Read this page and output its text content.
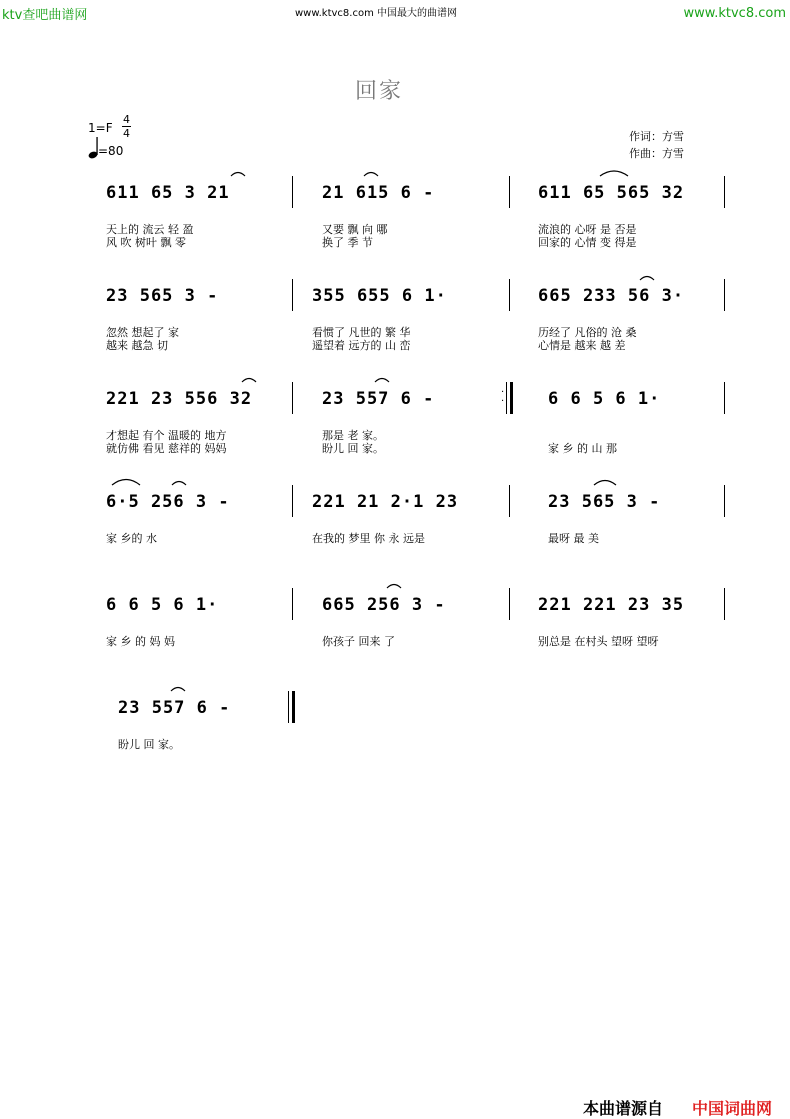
ktv查吧曲谱网	www.ktvc8.com 中国最大的曲谱网	www.ktvc8.com
回家
1=F
4
4
=80
作词：方雪
作曲：方雪
611 65 3 21	21 615 6 -	611 65 565 32
天上的 流云 轻 盈	又要 飘 向 哪	流浪的 心呀 是 否是
风 吹 树叶 飘 零	换了 季 节	回家的 心情 变 得是
23 565 3 -	355 655 6 1·	665 233 56 3·
忽然 想起了 家	看惯了 凡世的 繁 华	历经了 凡俗的 沧 桑
越来 越急 切	遥望着 远方的 山 峦	心情是 越来 越 差
·
·
221 23 556 32	23 557 6 -	6 6 5 6 1·
才想起 有个 温暖的 地方	那是 老 家。
就仿佛 看见 慈祥的 妈妈	盼儿 回 家。	家 乡 的 山 那
6·5 256 3 -	221 21 2·1 23	23 565 3 -
家 乡的 水	在我的 梦里 你 永 远是	最呀 最 美
6 6 5 6 1·	665 256 3 -	221 221 23 35
家 乡 的 妈 妈	你孩子 回来 了	别总是 在村头 望呀 望呀
23 557 6 -
盼儿 回 家。
本曲谱源自 中国词曲网
